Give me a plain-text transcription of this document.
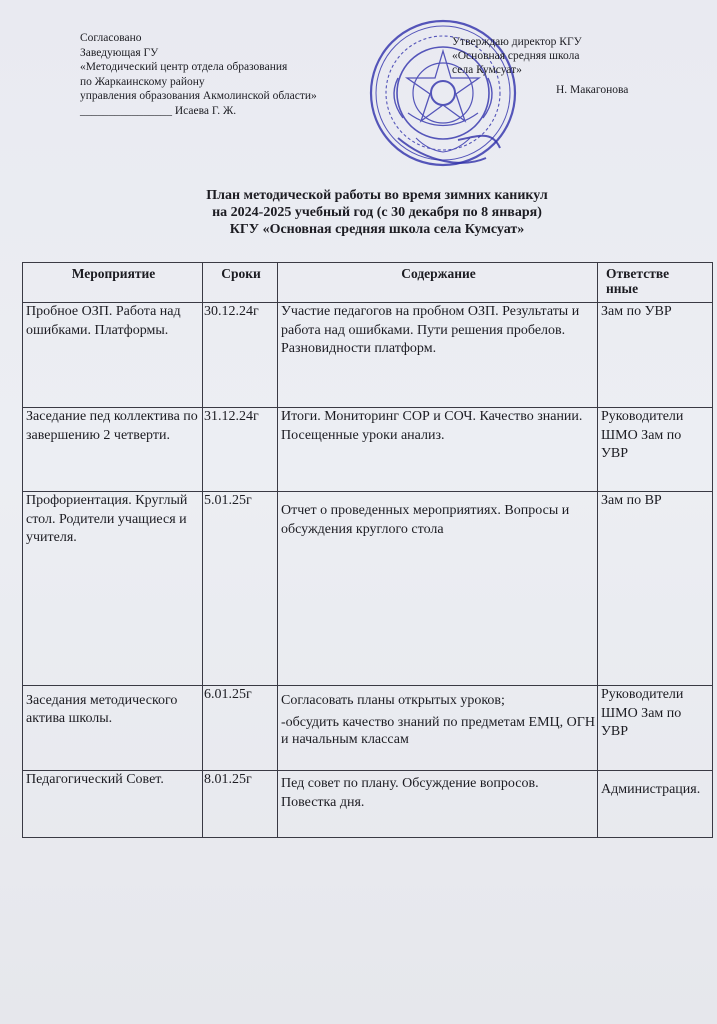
Согласовано
Заведующая ГУ
«Методический центр отдела образования
по Жаркаинскому району
управления образования Акмолинской области»
________________ Исаева Г. Ж.
Утверждаю директор КГУ
«Основная средняя школа
села Кумсуат»
Н. Макагонова
План методической работы во время зимних каникул
на 2024-2025 учебный год (с 30 декабря по 8 января)
КГУ «Основная средняя школа села Кумсуат»
Мероприятие	Сроки	Содержание	Ответстве
нные

Пробное ОЗП. Работа над ошибками. Платформы.	30.12.24г	Участие педагогов на пробном ОЗП. Результаты и работа над ошибками. Пути решения пробелов. Разновидности платформ.	Зам по УВР
Заседание пед коллектива по завершению 2 четверти.	31.12.24г	Итоги. Мониторинг СОР и СОЧ. Качество знании. Посещенные уроки анализ.	Руководители ШМО Зам по УВР
Профориентация. Круглый стол. Родители учащиеся и учителя.	5.01.25г	Отчет о проведенных мероприятиях. Вопросы и обсуждения круглого стола	Зам по ВР
Заседания методического актива школы.	6.01.25г	Согласовать планы открытых уроков;
-обсудить качество знаний по предметам ЕМЦ, ОГН и начальным классам	Руководители ШМО Зам по УВР
Педагогический Совет.	8.01.25г	Пед совет по плану. Обсуждение вопросов. Повестка дня.	Администрация.
